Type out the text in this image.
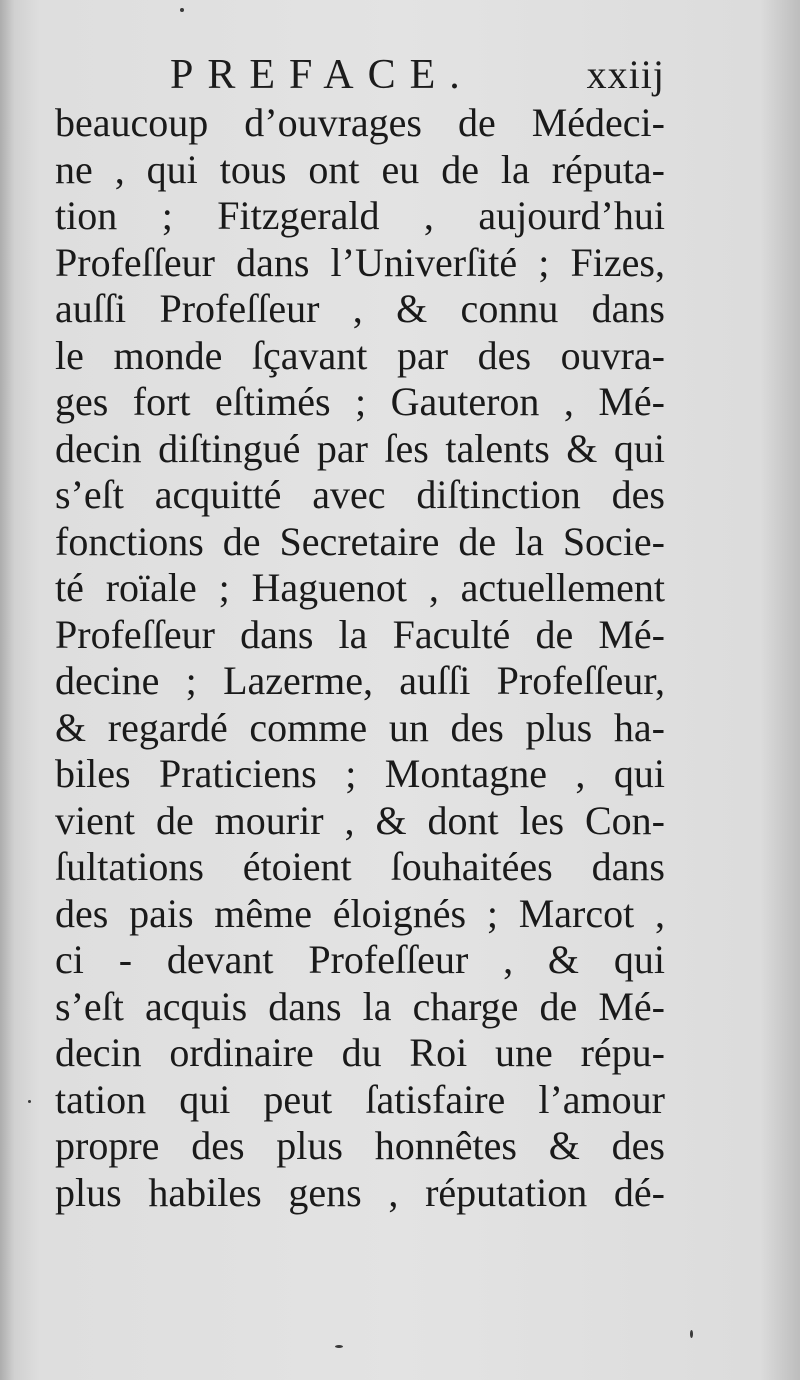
PREFACE.	xxiij
beaucoup d’ouvrages de Médeci-
ne , qui tous ont eu de la réputa-
tion ; Fitzgerald , aujourd’hui
Profeſſeur dans l’Univerſité ; Fizes,
auſſi Profeſſeur , & connu dans
le monde ſçavant par des ouvra-
ges fort eſtimés ; Gauteron , Mé-
decin diſtingué par ſes talents & qui
s’eſt acquitté avec diſtinction des
fonctions de Secretaire de la Socie-
té roïale ; Haguenot , actuellement
Profeſſeur dans la Faculté de Mé-
decine ; Lazerme, auſſi Profeſſeur,
& regardé comme un des plus ha-
biles Praticiens ; Montagne , qui
vient de mourir , & dont les Con-
ſultations étoient ſouhaitées dans
des pais même éloignés ; Marcot ,
ci - devant Profeſſeur , & qui
s’eſt acquis dans la charge de Mé-
decin ordinaire du Roi une répu-
tation qui peut ſatisfaire l’amour
propre des plus honnêtes & des
plus habiles gens , réputation dé-
